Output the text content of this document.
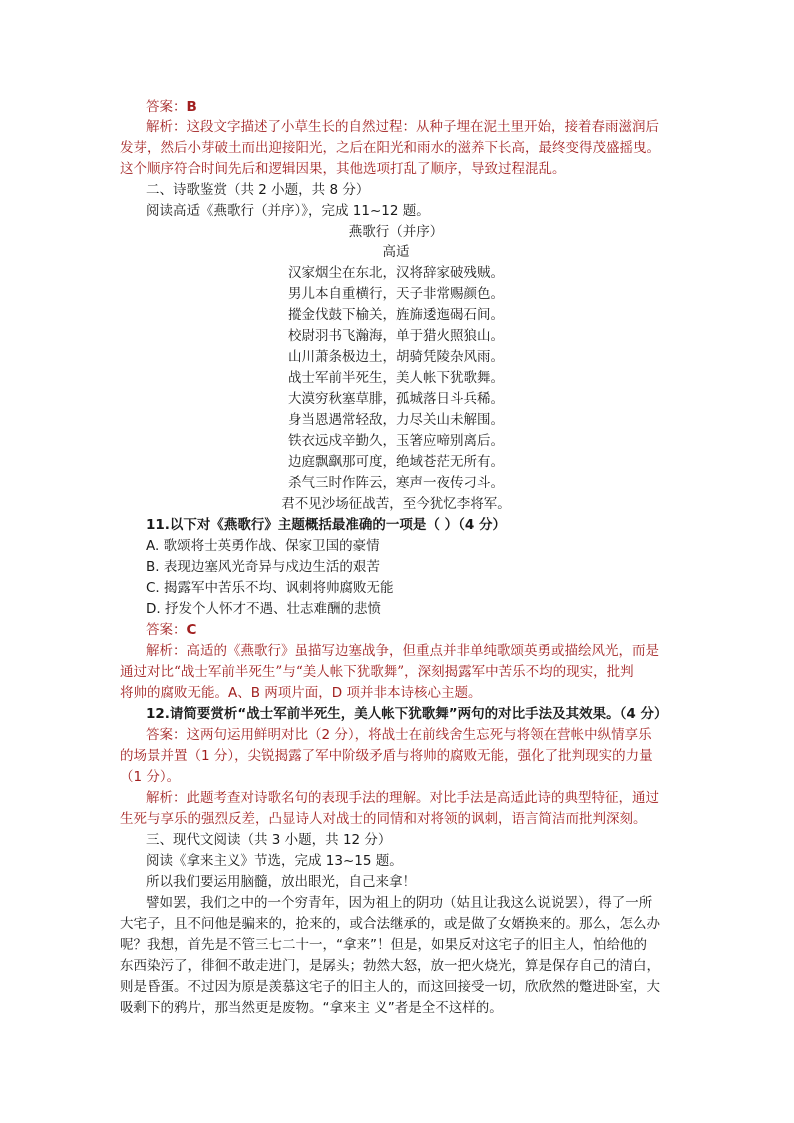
答案：B
解析：这段文字描述了小草生长的自然过程：从种子埋在泥土里开始，接着春雨滋润后
发芽，然后小芽破土而出迎接阳光，之后在阳光和雨水的滋养下长高，最终变得茂盛摇曳。
这个顺序符合时间先后和逻辑因果，其他选项打乱了顺序，导致过程混乱。
二、诗歌鉴赏（共 2 小题，共 8 分）
阅读高适《燕歌行（并序）》，完成 11~12 题。
燕歌行（并序）
高适
汉家烟尘在东北，汉将辞家破残贼。
男儿本自重横行，天子非常赐颜色。
摐金伐鼓下榆关，旌旆逶迤碣石间。
校尉羽书飞瀚海，单于猎火照狼山。
山川萧条极边土，胡骑凭陵杂风雨。
战士军前半死生，美人帐下犹歌舞。
大漠穷秋塞草腓，孤城落日斗兵稀。
身当恩遇常轻敌，力尽关山未解围。
铁衣远戍辛勤久，玉箸应啼别离后。
边庭飘飖那可度，绝域苍茫无所有。
杀气三时作阵云，寒声一夜传刁斗。
君不见沙场征战苦，至今犹忆李将军。
11.以下对《燕歌行》主题概括最准确的一项是（ ）（4 分）
A. 歌颂将士英勇作战、保家卫国的豪情
B. 表现边塞风光奇异与戍边生活的艰苦
C. 揭露军中苦乐不均、讽刺将帅腐败无能
D. 抒发个人怀才不遇、壮志难酬的悲愤
答案：C
解析：高适的《燕歌行》虽描写边塞战争，但重点并非单纯歌颂英勇或描绘风光，而是
通过对比“战士军前半死生”与“美人帐下犹歌舞”，深刻揭露军中苦乐不均的现实，批判
将帅的腐败无能。A、B 两项片面，D 项并非本诗核心主题。
12.请简要赏析“战士军前半死生，美人帐下犹歌舞”两句的对比手法及其效果。（4 分）
答案：这两句运用鲜明对比（2 分），将战士在前线舍生忘死与将领在营帐中纵情享乐
的场景并置（1 分），尖锐揭露了军中阶级矛盾与将帅的腐败无能，强化了批判现实的力量
（1 分）。
解析：此题考查对诗歌名句的表现手法的理解。对比手法是高适此诗的典型特征，通过
生死与享乐的强烈反差，凸显诗人对战士的同情和对将领的讽刺，语言简洁而批判深刻。
三、现代文阅读（共 3 小题，共 12 分）
阅读《拿来主义》节选，完成 13~15 题。
所以我们要运用脑髓，放出眼光，自己来拿！
譬如罢，我们之中的一个穷青年，因为祖上的阴功（姑且让我这么说说罢），得了一所
大宅子，且不问他是骗来的，抢来的，或合法继承的，或是做了女婿换来的。那么，怎么办
呢？我想，首先是不管三七二十一，“拿来”！但是，如果反对这宅子的旧主人，怕给他的
东西染污了，徘徊不敢走进门，是孱头；勃然大怒，放一把火烧光，算是保存自己的清白，
则是昏蛋。不过因为原是羡慕这宅子的旧主人的，而这回接受一切，欣欣然的蹩进卧室，大
吸剩下的鸦片，那当然更是废物。“拿来主 义”者是全不这样的。
